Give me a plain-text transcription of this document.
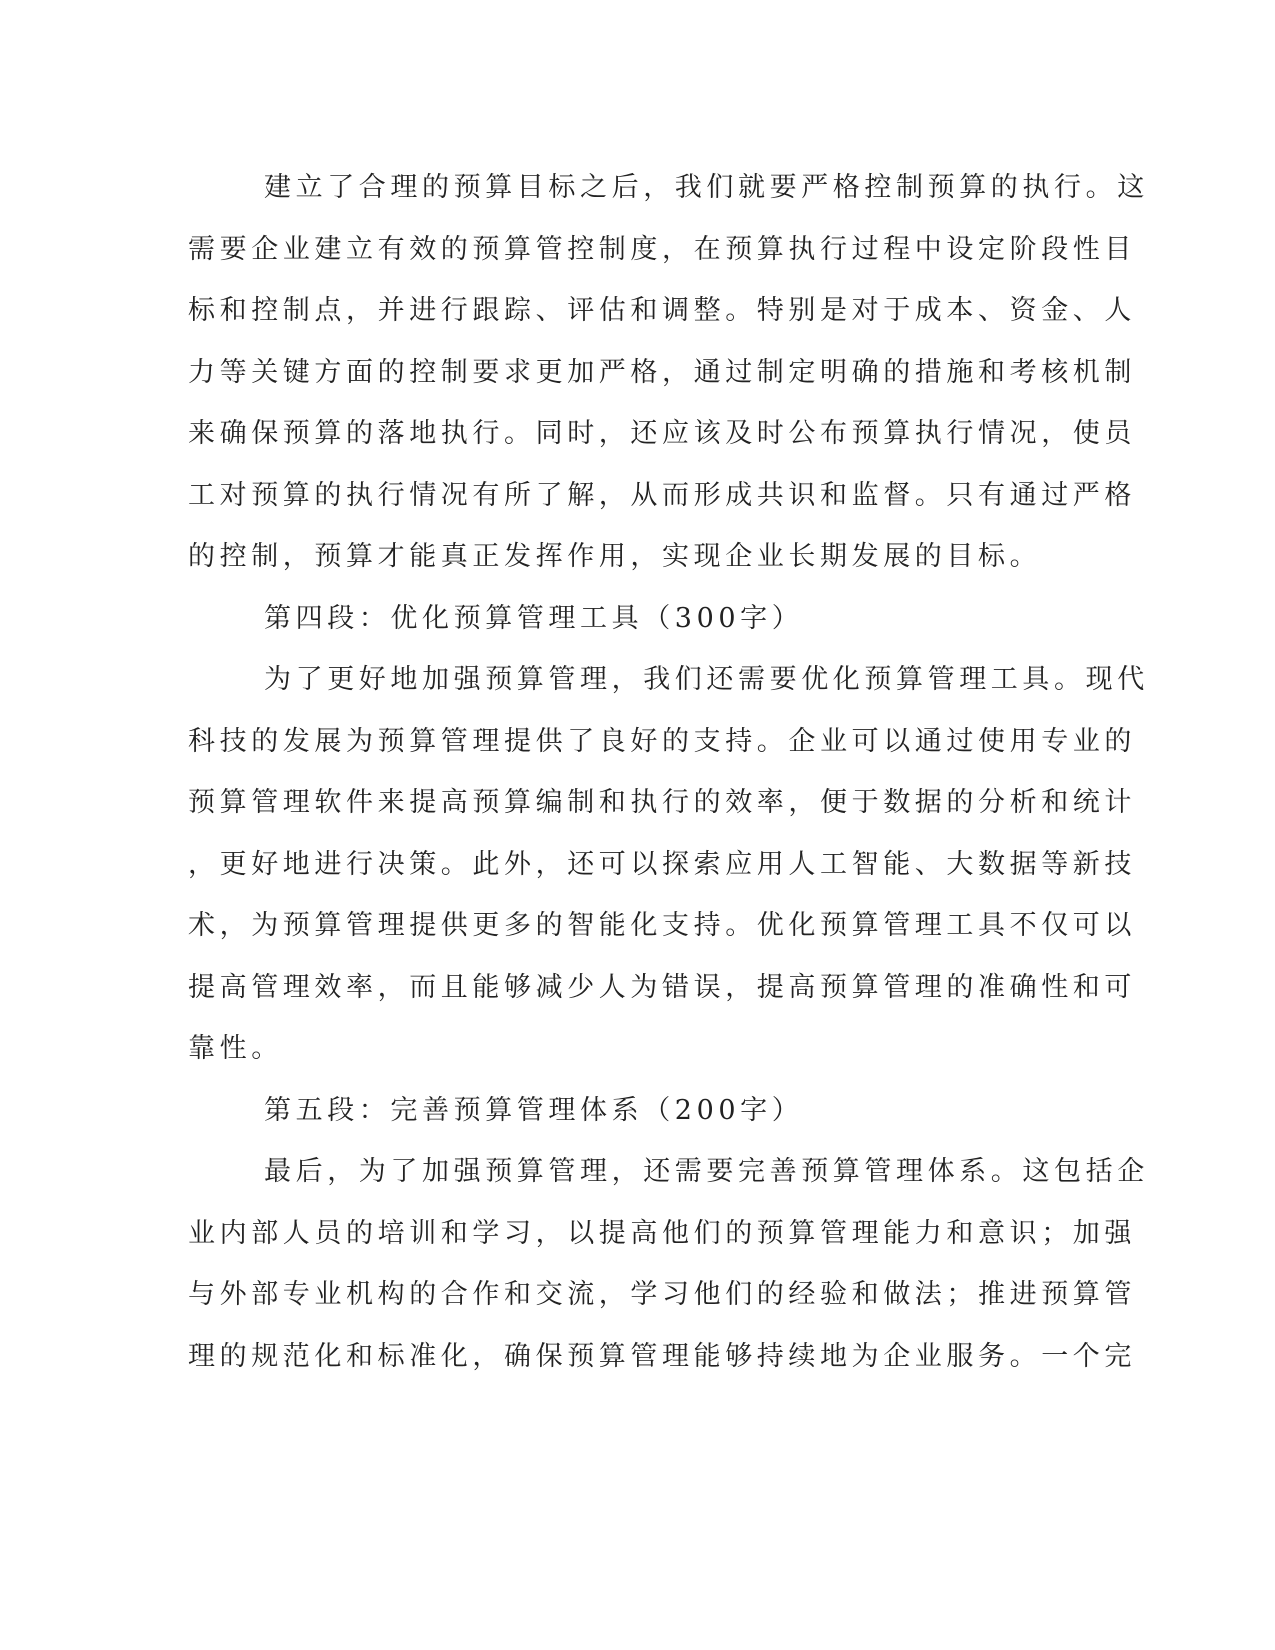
建立了合理的预算目标之后，我们就要严格控制预算的执行。这
需要企业建立有效的预算管控制度，在预算执行过程中设定阶段性目
标和控制点，并进行跟踪、评估和调整。特别是对于成本、资金、人
力等关键方面的控制要求更加严格，通过制定明确的措施和考核机制
来确保预算的落地执行。同时，还应该及时公布预算执行情况，使员
工对预算的执行情况有所了解，从而形成共识和监督。只有通过严格
的控制，预算才能真正发挥作用，实现企业长期发展的目标。
第四段：优化预算管理工具（300字）
为了更好地加强预算管理，我们还需要优化预算管理工具。现代
科技的发展为预算管理提供了良好的支持。企业可以通过使用专业的
预算管理软件来提高预算编制和执行的效率，便于数据的分析和统计
，更好地进行决策。此外，还可以探索应用人工智能、大数据等新技
术，为预算管理提供更多的智能化支持。优化预算管理工具不仅可以
提高管理效率，而且能够减少人为错误，提高预算管理的准确性和可
靠性。
第五段：完善预算管理体系（200字）
最后，为了加强预算管理，还需要完善预算管理体系。这包括企
业内部人员的培训和学习，以提高他们的预算管理能力和意识；加强
与外部专业机构的合作和交流，学习他们的经验和做法；推进预算管
理的规范化和标准化，确保预算管理能够持续地为企业服务。一个完
